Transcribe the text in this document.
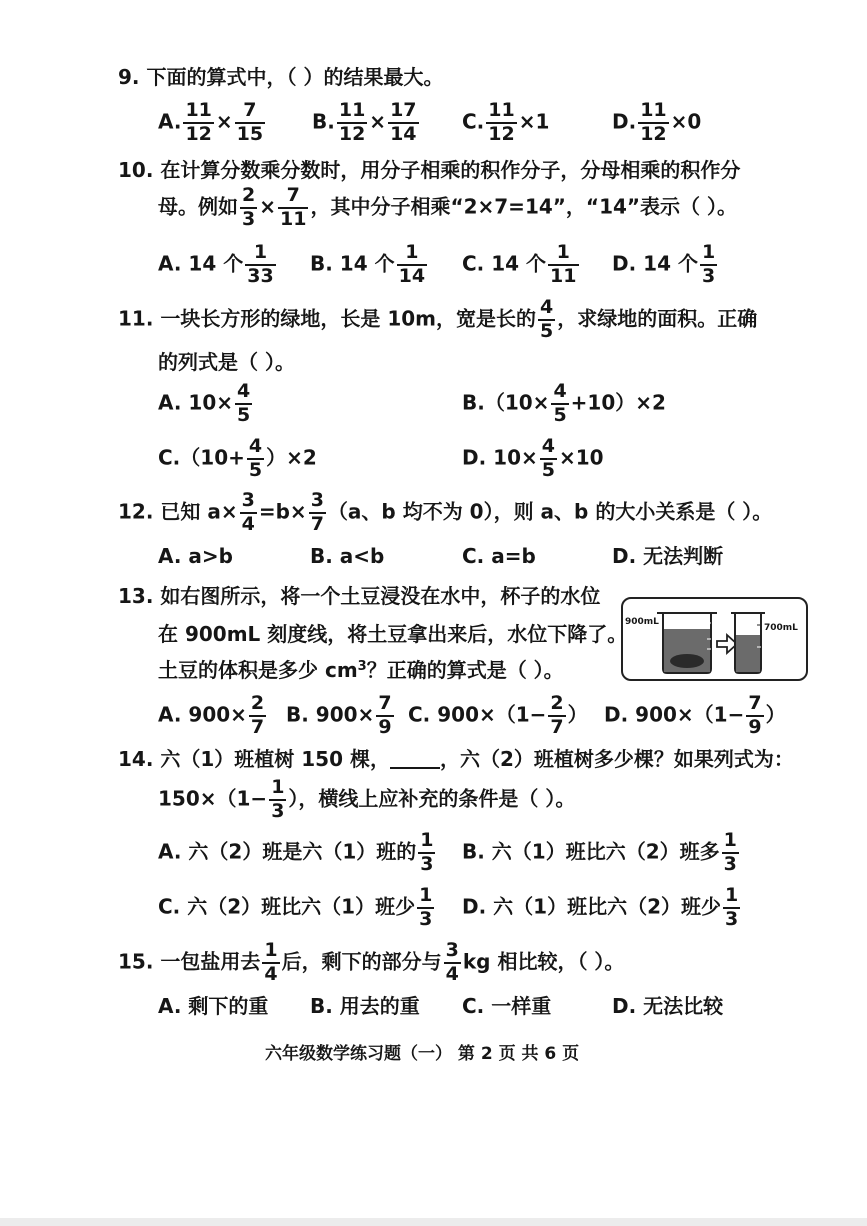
9. 下面的算式中，（ ）的结果最大。
A. $\frac{11}{12} \times \frac{7}{15} B$. $\frac{11}{12} \times \frac{17}{14} C$. $\frac{11}{12} \times 1$	D. $\frac{11}{12} \times 0$
10. 在计算分数乘分数时，用分子相乘的积作分子，分母相乘的积作分
母。例如 $\frac{2}{3} \times \frac{7}{11}$ ，其中分子相乘“2×7=14”，“14”表示（ ）。
A. 14 个 $\frac{1}{33} B$. 14 个 $\frac{1}{14} C$. 14 个 $\frac{1}{11} D$. 14 个 $\frac{1}{3}$
11. 一块长方形的绿地，长是 10m，宽是长的 $\frac{4}{5}$ ，求绿地的面积。正确
的列式是（ ）。
A. $10\times \frac{4}{5}$	$B.(10\times \frac{4}{5} +10)\times 2$
$C.(10+ \frac{4}{5} )\times 2$	D. $10\times \frac{4}{5} \times 10$
12. 已知 $a\times \frac{3}{4} =b\times \frac{3}{7} (a$、b 均不为 0），则 a、b 的大小关系是（ ）。
A. a>b	B. a<b	C. a=b	D. 无法判断
13. 如右图所示，将一个土豆浸没在水中，杯子的水位
在 900mL 刻度线，将土豆拿出来后，水位下降了。
土豆的体积是多少 $cm^3$？正确的算式是（ ）。
900mL
700mL
A. $900\times \frac{2}{7} B$. $900\times \frac{7}{9} C$. $900\times(1- \frac{2}{7}$ ） D. $900\times(1- \frac{7}{9}$ ）
14. 六（1）班植树 150 棵，	，六（2）班植树多少棵？如果列式为：
$150\times(1- \frac{1}{3}$ ），横线上应补充的条件是（ ）。
A. 六（2）班是六（1）班的 $\frac{1}{3} B$. 六（1）班比六（2）班多 $\frac{1}{3}$
C. 六（2）班比六（1）班少 $\frac{1}{3} D$. 六（1）班比六（2）班少 $\frac{1}{3}$
15. 一包盐用去 $\frac{1}{4}$ 后，剩下的部分与 $\frac{3}{4}$ kg 相比较，（ ）。
A. 剩下的重 B. 用去的重 C. 一样重	D. 无法比较
六年级数学练习题（一） 第 2 页 共 6 页
